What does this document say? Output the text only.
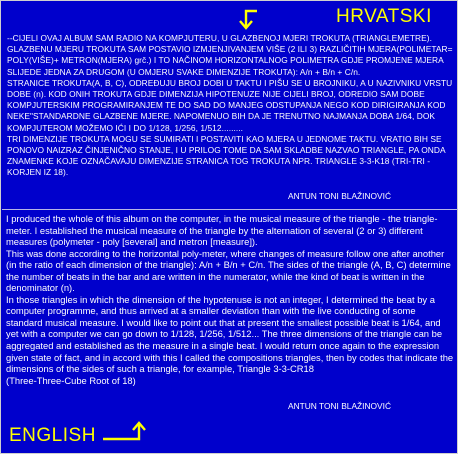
HRVATSKI
--CIJELI OVAJ ALBUM SAM RADIO NA KOMPJUTERU, U GLAZBENOJ MJERI TROKUTA (TRIANGLEMETRE). GLAZBENU MJERU TROKUTA SAM POSTAVIO IZMJENJIVANJEM VIŠE (2 ILI 3) RAZLIČITIH MJERA(POLIMETAR= POLY(VIŠE)+ METRON(MJERA) grč.) I TO NAČINOM HORIZONTALNOG POLIMETRA GDJE PROMJENE MJERA SLIJEDE JEDNA ZA DRUGOM (U OMJERU SVAKE DIMENZIJE TROKUTA): A/n + B/n + C/n.
STRANICE TROKUTA(A, B, C), ODREĐUJU BROJ DOBI U TAKTU I PIŠU SE U BROJNIKU, A U NAZIVNIKU VRSTU DOBE (n). KOD ONIH TROKUTA GDJE DIMENZIJA HIPOTENUZE NIJE CIJELI BROJ, ODREDIO SAM DOBE KOMPJUTERSKIM PROGRAMIRANJEM TE DO SAD DO MANJEG ODSTUPANJA NEGO KOD DIRIGIRANJA KOD NEKE"STANDARDNE GLAZBENE MJERE. NAPOMENUO BIH DA JE TRENUTNO NAJMANJA DOBA 1/64, DOK KOMPJUTEROM MOŽEMO IĆI I DO 1/128, 1/256, 1/512.........
TRI DIMENZIJE TROKUTA MOGU SE SUMIRATI I POSTAVITI KAO MJERA U JEDNOME TAKTU. VRATIO BIH SE PONOVO NAIZRAZ ČINJENIČNO STANJE, I U PRILOG TOME DA SAM SKLADBE NAZVAO TRIANGLE, PA ONDA ZNAMENKE KOJE OZNAČAVAJU DIMENZIJE STRANICA TOG TROKUTA NPR. TRIANGLE 3-3-K18 (TRI-TRI -KORJEN IZ 18).
ANTUN TONI BLAŽINOVIĆ
I produced the whole of this album on the computer, in the musical measure of the triangle - the triangle-meter. I established the musical measure of the triangle by the alternation of several (2 or 3) different measures (polymeter - poly [several] and metron [measure]).
This was done according to the horizontal poly-meter, where changes of measure follow one after another (in the ratio of each dimension of the triangle): A/n + B/n + C/n. The sides of the triangle (A, B, C) determine the number of beats in the bar and are written in the numerator, while the kind of beat is written in the denominator (n).
In those triangles in which the dimension of the hypotenuse is not an integer, I determined the beat by a computer programme, and thus arrived at a smaller deviation than with the live conducting of some standard musical measure. I would like to point out that at present the smallest possible beat is 1/64, and yet with a computer we can go down to 1/128, 1/256, 1/512... The three dimensions of the triangle can be aggregated and established as the measure in a single beat. I would return once again to the expression given state of fact, and in accord with this I called the compositions triangles, then by codes that indicate the dimensions of the sides of such a triangle, for example, Triangle 3-3-CR18
(Three-Three-Cube Root of 18)
ANTUN TONI BLAŽINOVIĆ
ENGLISH
